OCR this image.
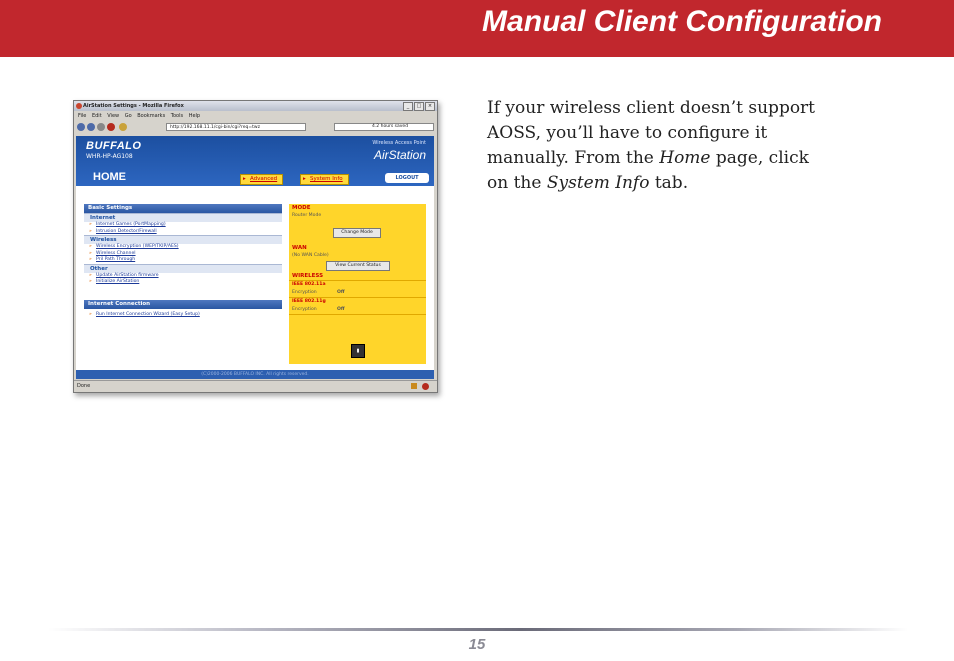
Manual Client Configuration
AirStation Settings - Mozilla Firefox	_	□	×
File Edit View Go Bookmarks Tools Help
http://192.168.11.1/cgi-bin/cgi?req=twz	4.2 hours saved
BUFFALO
WHR-HP-AG108
Wireless Access Point
AirStation
HOME	▸ Advanced	▸ System Info	LOGOUT
Basic Settings
Internet
» Internet Games (PortMapping)
» Intrusion Detector/Firewall
Wireless
» Wireless Encryption (WEP/TKIP/AES)
» Wireless Channel
» Pril Path Through
Other
» Update AirStation firmware
» Initialize AirStation
Internet Connection
» Run Internet Connection Wizard (Easy Setup)
MODE
Router Mode
Change Mode
WAN
(No WAN Cable)
View Current Status
WIRELESS
IEEE 802.11a
Encryption	Off
IEEE 802.11g
Encryption	Off
▮
(C)2000-2006 BUFFALO INC. All rights reserved.
Done
If your wireless client doesn’t support
AOSS, you’ll have to configure it
manually. From the Home page, click
on the System Info tab.
15
